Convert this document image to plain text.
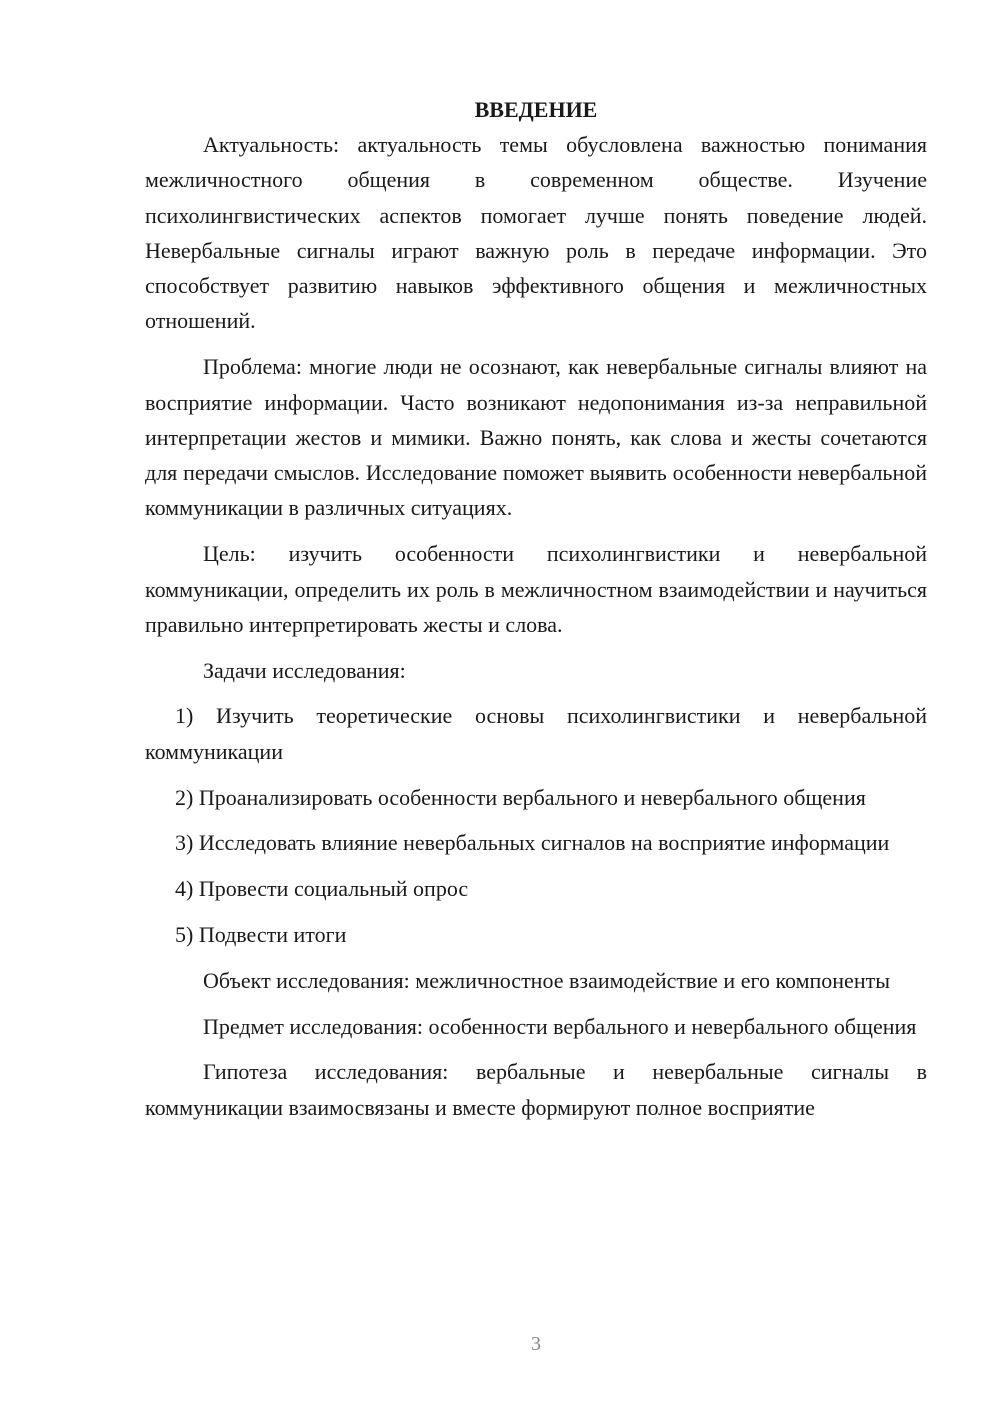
ВВЕДЕНИЕ

Актуальность: актуальность темы обусловлена важностью понимания межличностного общения в современном обществе. Изучение психолингвистических аспектов помогает лучше понять поведение людей. Невербальные сигналы играют важную роль в передаче информации. Это способствует развитию навыков эффективного общения и межличностных отношений.

Проблема: многие люди не осознают, как невербальные сигналы влияют на восприятие информации. Часто возникают недопонимания из-за неправильной интерпретации жестов и мимики. Важно понять, как слова и жесты сочетаются для передачи смыслов. Исследование поможет выявить особенности невербальной коммуникации в различных ситуациях.

Цель: изучить особенности психолингвистики и невербальной коммуникации, определить их роль в межличностном взаимодействии и научиться правильно интерпретировать жесты и слова.

Задачи исследования:

1) Изучить теоретические основы психолингвистики и невербальной коммуникации

2) Проанализировать особенности вербального и невербального общения

3) Исследовать влияние невербальных сигналов на восприятие информации

4) Провести социальный опрос

5) Подвести итоги

Объект исследования: межличностное взаимодействие и его компоненты

Предмет исследования: особенности вербального и невербального общения

Гипотеза исследования: вербальные и невербальные сигналы в коммуникации взаимосвязаны и вместе формируют полное восприятие

3
